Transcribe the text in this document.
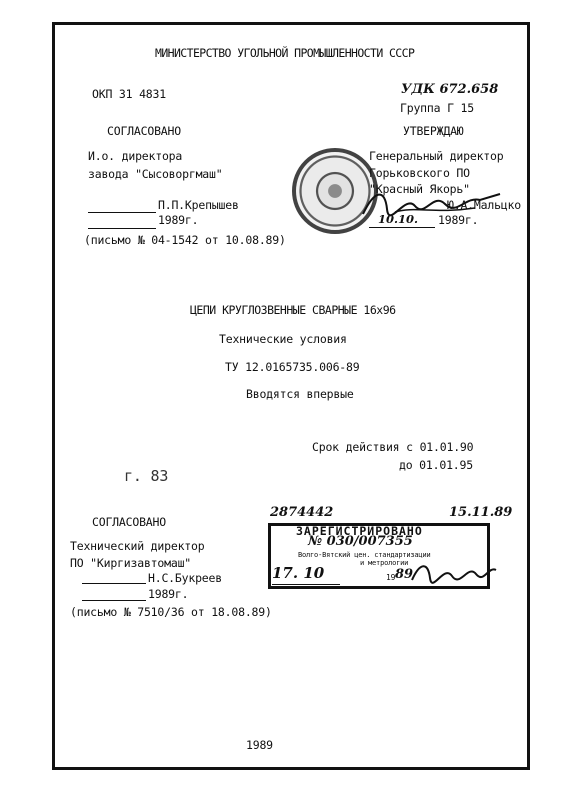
МИНИСТЕРСТВО УГОЛЬНОЙ ПРОМЫШЛЕННОСТИ СССР
ОКП 31 4831	УДК 672.658
Группа Г 15
СОГЛАСОВАНО
И.о. директора
завода "Сысоворгмаш"
П.П.Крепышев
1989г.
(письмо № 04-1542 от 10.08.89)
УТВЕРЖДАЮ
Генеральный директор
Горьковского ПО
"Красный Якорь"
Ю.А.Мальцко
10.10. 1989г.
ЦЕПИ КРУГЛОЗВЕННЫЕ СВАРНЫЕ 16х96
Технические условия
ТУ 12.0165735.006-89
Вводятся впервые
Срок действия с 01.01.90
до 01.01.95
г. 83
СОГЛАСОВАНО
Технический директор
ПО "Киргизавтомаш"
Н.С.Букреев
1989г.
(письмо № 7510/36 от 18.08.89)
2874442	15.11.89
ЗАРЕГИСТРИРОВАНО
№ 030/007355
Волго-Вятский цен. стандартизации
и метрологии
17. 10	19 89
1989
